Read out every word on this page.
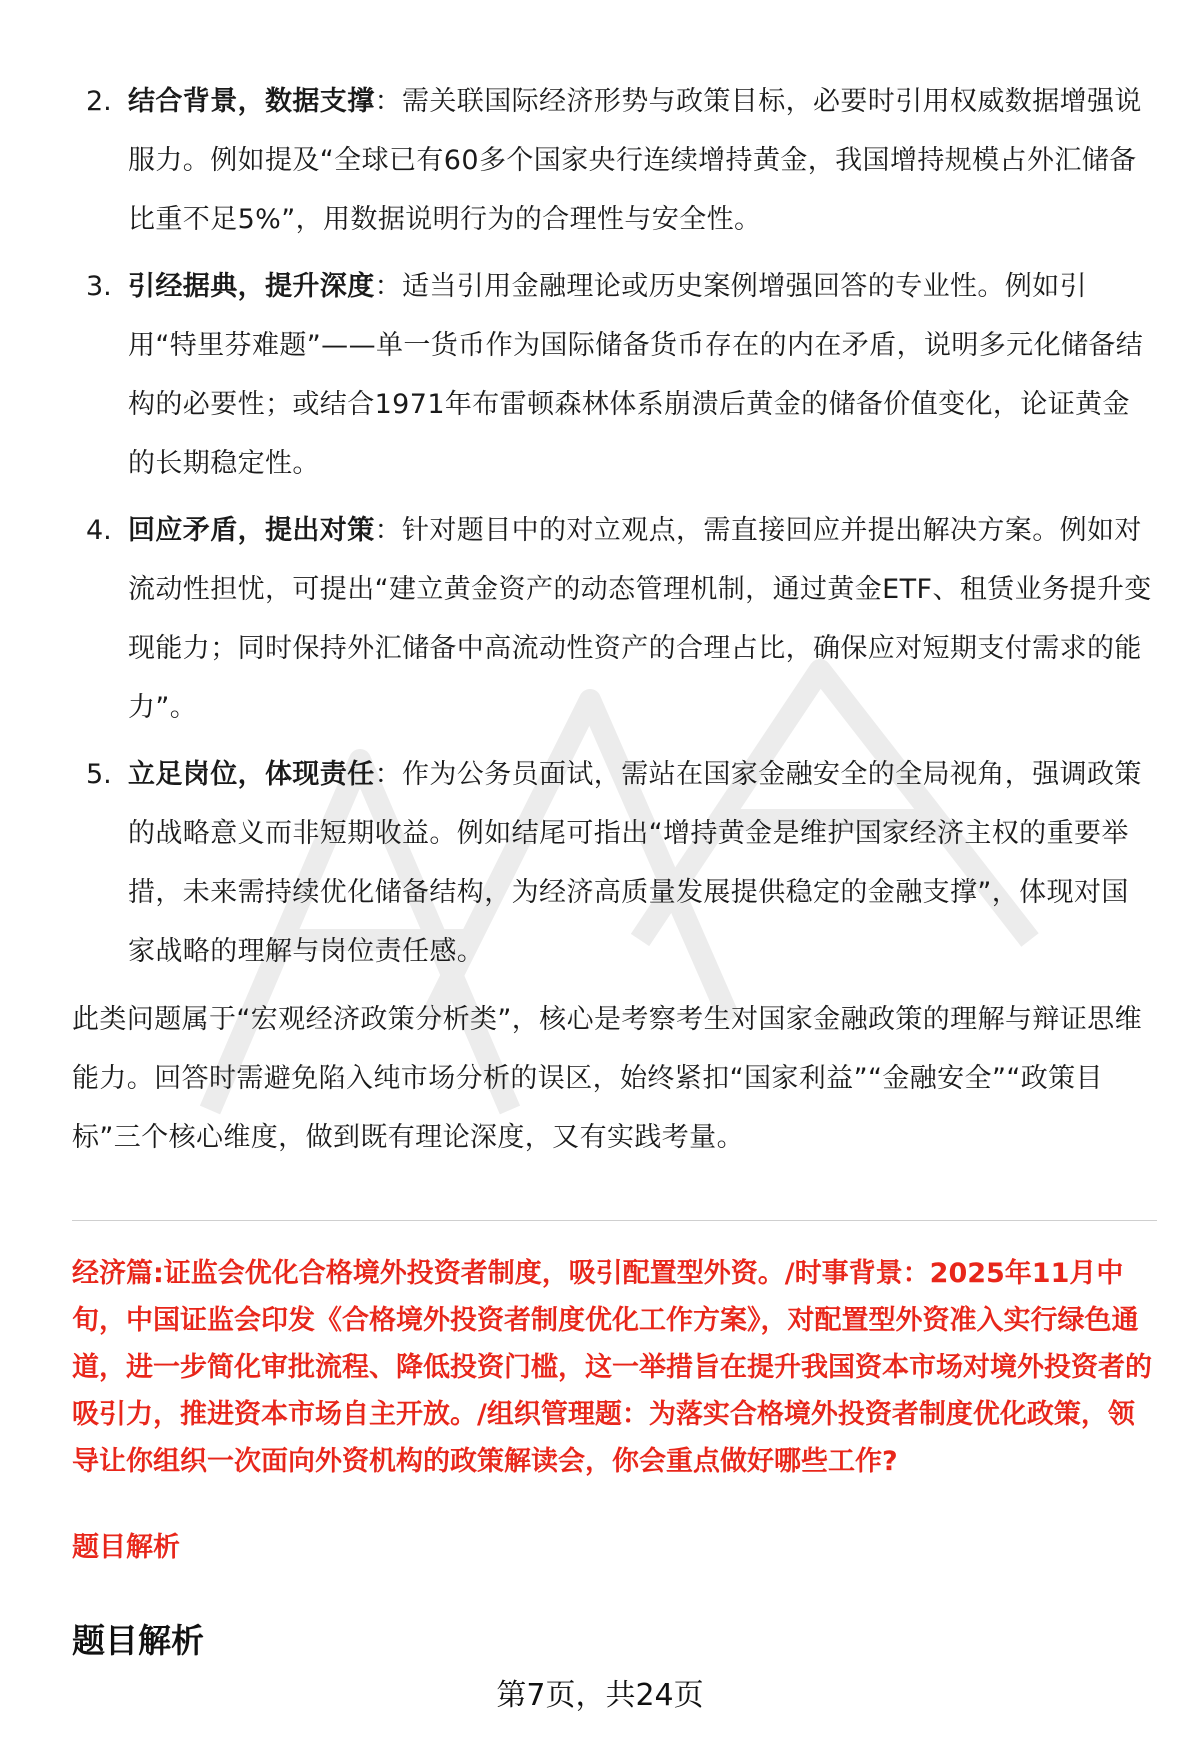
2. 结合背景，数据支撑：需关联国际经济形势与政策目标，必要时引用权威数据增强说服力。例如提及“全球已有60多个国家央行连续增持黄金，我国增持规模占外汇储备比重不足5%”，用数据说明行为的合理性与安全性。
3. 引经据典，提升深度：适当引用金融理论或历史案例增强回答的专业性。例如引用“特里芬难题”——单一货币作为国际储备货币存在的内在矛盾，说明多元化储备结构的必要性；或结合1971年布雷顿森林体系崩溃后黄金的储备价值变化，论证黄金的长期稳定性。
4. 回应矛盾，提出对策：针对题目中的对立观点，需直接回应并提出解决方案。例如对流动性担忧，可提出“建立黄金资产的动态管理机制，通过黄金ETF、租赁业务提升变现能力；同时保持外汇储备中高流动性资产的合理占比，确保应对短期支付需求的能力”。
5. 立足岗位，体现责任：作为公务员面试，需站在国家金融安全的全局视角，强调政策的战略意义而非短期收益。例如结尾可指出“增持黄金是维护国家经济主权的重要举措，未来需持续优化储备结构，为经济高质量发展提供稳定的金融支撑”，体现对国家战略的理解与岗位责任感。
此类问题属于“宏观经济政策分析类”，核心是考察考生对国家金融政策的理解与辩证思维能力。回答时需避免陷入纯市场分析的误区，始终紧扣“国家利益”“金融安全”“政策目标”三个核心维度，做到既有理论深度，又有实践考量。
经济篇:证监会优化合格境外投资者制度，吸引配置型外资。/时事背景：2025年11月中旬，中国证监会印发《合格境外投资者制度优化工作方案》，对配置型外资准入实行绿色通道，进一步简化审批流程、降低投资门槛，这一举措旨在提升我国资本市场对境外投资者的吸引力，推进资本市场自主开放。/组织管理题：为落实合格境外投资者制度优化政策，领导让你组织一次面向外资机构的政策解读会，你会重点做好哪些工作?
题目解析
题目解析
第7页，共24页
